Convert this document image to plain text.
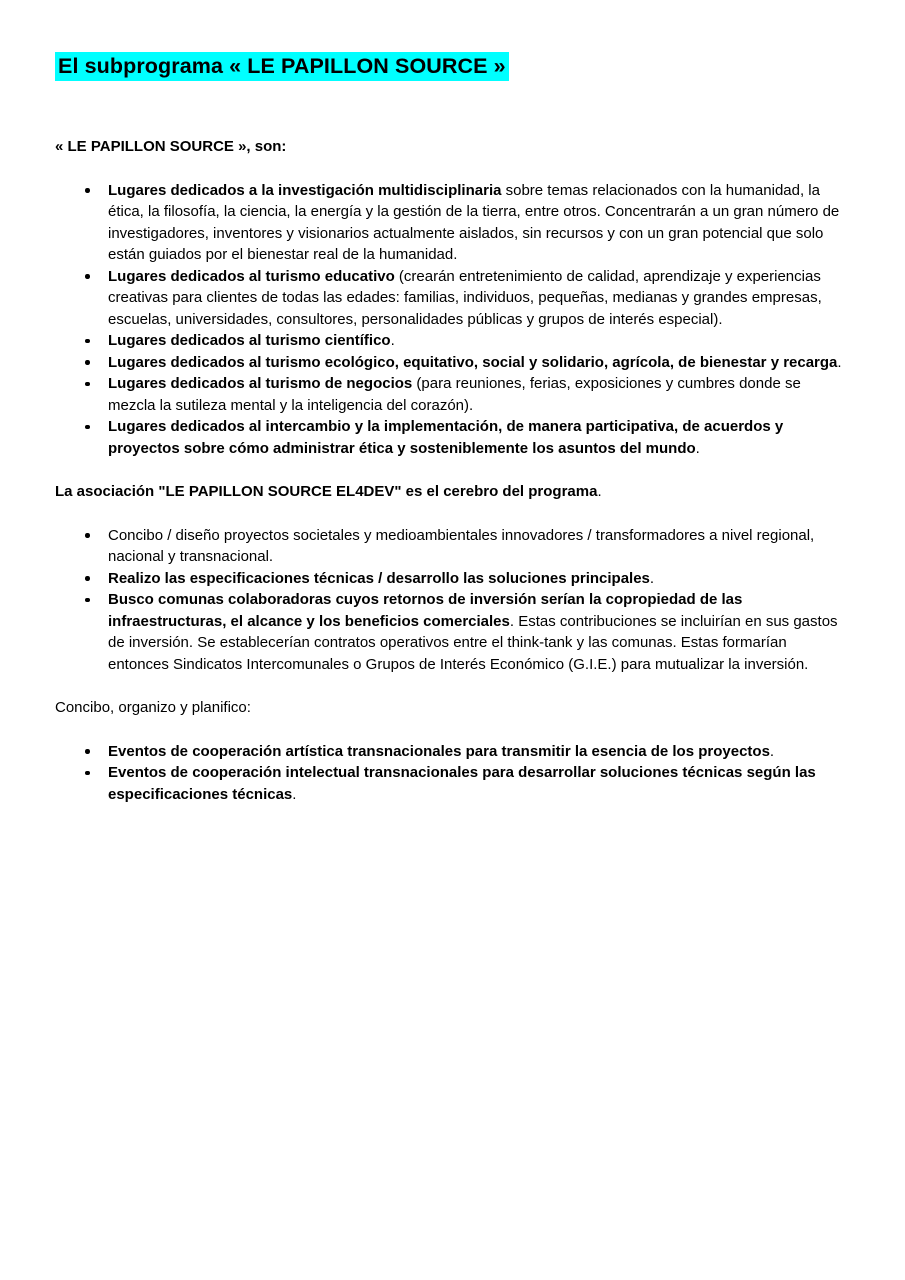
El subprograma « LE PAPILLON SOURCE »

« LE PAPILLON SOURCE », son:

Lugares dedicados a la investigación multidisciplinaria sobre temas relacionados con la humanidad, la ética, la filosofía, la ciencia, la energía y la gestión de la tierra, entre otros. Concentrarán a un gran número de investigadores, inventores y visionarios actualmente aislados, sin recursos y con un gran potencial que solo están guiados por el bienestar real de la humanidad.
Lugares dedicados al turismo educativo (crearán entretenimiento de calidad, aprendizaje y experiencias creativas para clientes de todas las edades: familias, individuos, pequeñas, medianas y grandes empresas, escuelas, universidades, consultores, personalidades públicas y grupos de interés especial).
Lugares dedicados al turismo científico.
Lugares dedicados al turismo ecológico, equitativo, social y solidario, agrícola, de bienestar y recarga.
Lugares dedicados al turismo de negocios (para reuniones, ferias, exposiciones y cumbres donde se mezcla la sutileza mental y la inteligencia del corazón).
Lugares dedicados al intercambio y la implementación, de manera participativa, de acuerdos y proyectos sobre cómo administrar ética y sosteniblemente los asuntos del mundo.

La asociación "LE PAPILLON SOURCE EL4DEV" es el cerebro del programa.

Concibo / diseño proyectos societales y medioambientales innovadores / transformadores a nivel regional, nacional y transnacional.
Realizo las especificaciones técnicas / desarrollo las soluciones principales.
Busco comunas colaboradoras cuyos retornos de inversión serían la copropiedad de las infraestructuras, el alcance y los beneficios comerciales. Estas contribuciones se incluirían en sus gastos de inversión. Se establecerían contratos operativos entre el think-tank y las comunas. Estas formarían entonces Sindicatos Intercomunales o Grupos de Interés Económico (G.I.E.) para mutualizar la inversión.

Concibo, organizo y planifico:

Eventos de cooperación artística transnacionales para transmitir la esencia de los proyectos.
Eventos de cooperación intelectual transnacionales para desarrollar soluciones técnicas según las especificaciones técnicas.
